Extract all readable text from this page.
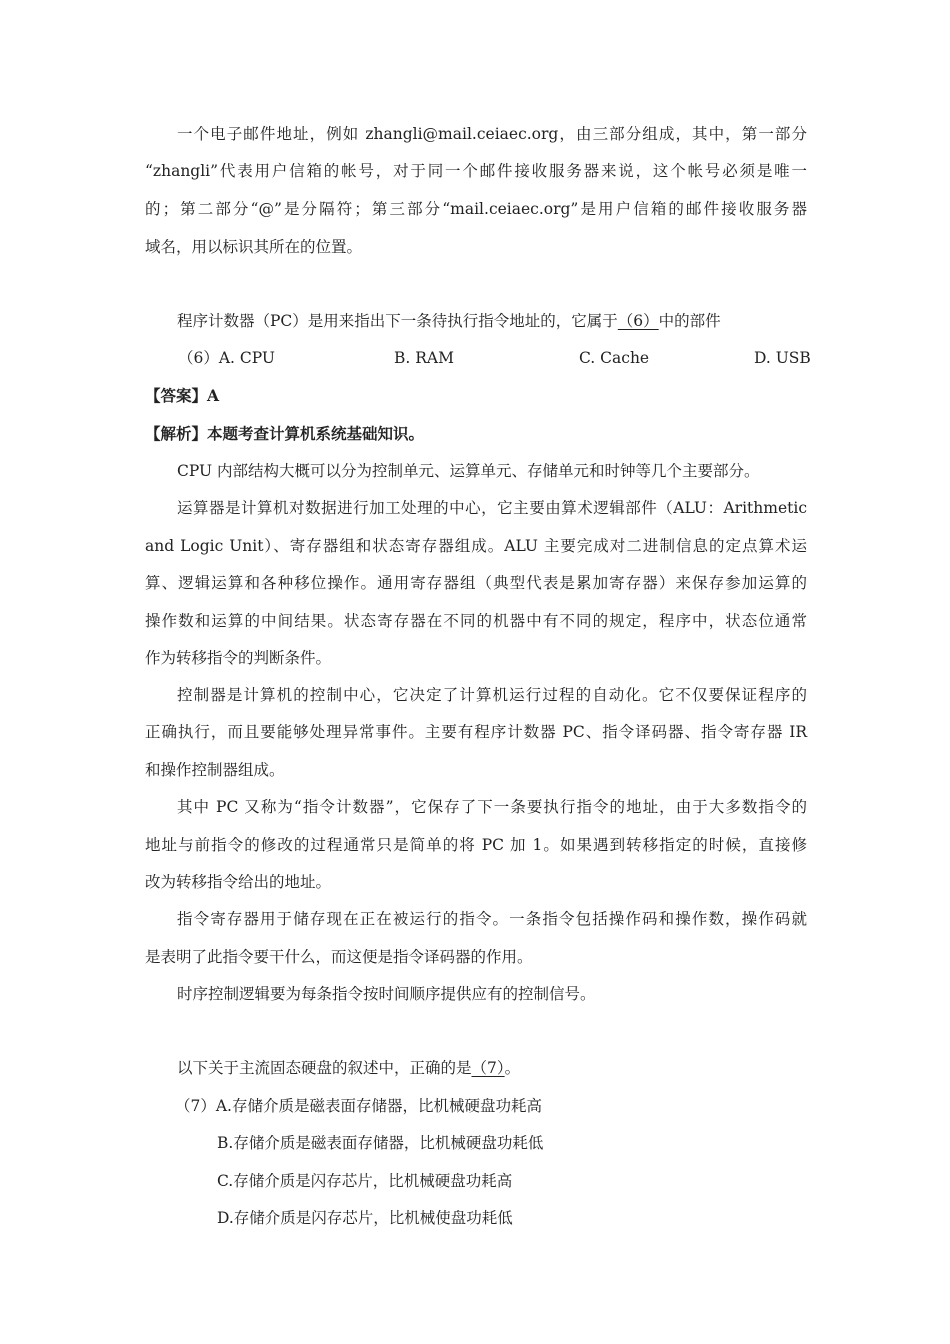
一个电子邮件地址，例如 zhangli@mail.ceiaec.org，由三部分组成，其中，第一部分
“zhangli”代表用户信箱的帐号，对于同一个邮件接收服务器来说，这个帐号必须是唯一
的；第二部分“@”是分隔符；第三部分“mail.ceiaec.org”是用户信箱的邮件接收服务器
域名，用以标识其所在的位置。
程序计数器（PC）是用来指出下一条待执行指令地址的，它属于（6）中的部件
（6）A. CPU	B. RAM	C. Cache	D. USB
【答案】A
【解析】本题考查计算机系统基础知识。
CPU 内部结构大概可以分为控制单元、运算单元、存储单元和时钟等几个主要部分。
运算器是计算机对数据进行加工处理的中心，它主要由算术逻辑部件（ALU：Arithmetic
and Logic Unit）、寄存器组和状态寄存器组成。ALU 主要完成对二进制信息的定点算术运
算、逻辑运算和各种移位操作。通用寄存器组（典型代表是累加寄存器）来保存参加运算的
操作数和运算的中间结果。状态寄存器在不同的机器中有不同的规定，程序中，状态位通常
作为转移指令的判断条件。
控制器是计算机的控制中心，它决定了计算机运行过程的自动化。它不仅要保证程序的
正确执行，而且要能够处理异常事件。主要有程序计数器 PC、指令译码器、指令寄存器 IR
和操作控制器组成。
其中 PC 又称为“指令计数器”，它保存了下一条要执行指令的地址，由于大多数指令的
地址与前指令的修改的过程通常只是简单的将 PC 加 1。如果遇到转移指定的时候，直接修
改为转移指令给出的地址。
指令寄存器用于储存现在正在被运行的指令。一条指令包括操作码和操作数，操作码就
是表明了此指令要干什么，而这便是指令译码器的作用。
时序控制逻辑要为每条指令按时间顺序提供应有的控制信号。
以下关于主流固态硬盘的叙述中，正确的是（7）。
（7）A.存储介质是磁表面存储器，比机械硬盘功耗高
B.存储介质是磁表面存储器，比机械硬盘功耗低
C.存储介质是闪存芯片，比机械硬盘功耗高
D.存储介质是闪存芯片，比机械使盘功耗低
